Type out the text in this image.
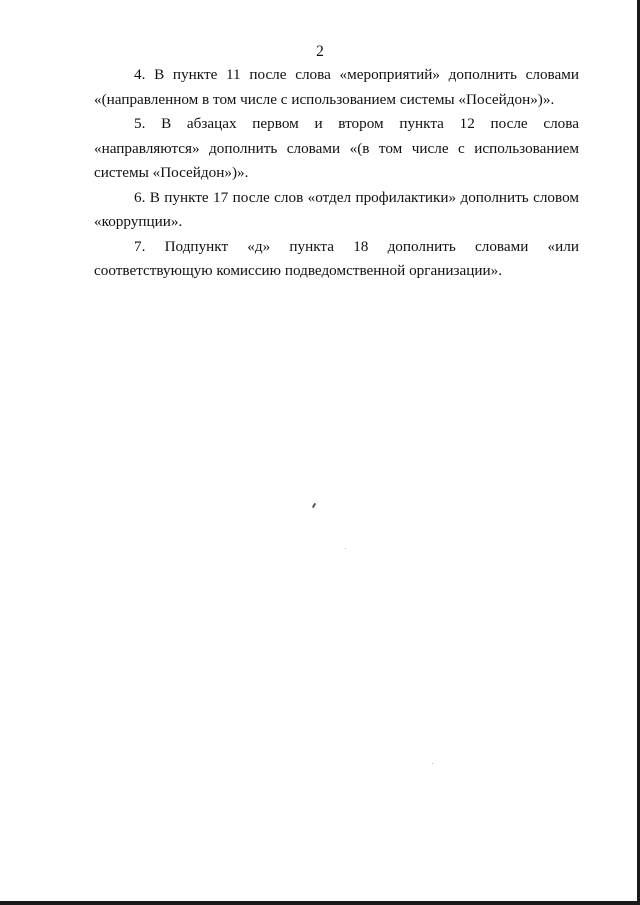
2

4. В пункте 11 после слова «мероприятий» дополнить словами «(направленном в том числе с использованием системы «Посейдон»)».

5. В абзацах первом и втором пункта 12 после слова «направляются» дополнить словами «(в том числе с использованием системы «Посейдон»)».

6. В пункте 17 после слов «отдел профилактики» дополнить словом «коррупции».

7. Подпункт «д» пункта 18 дополнить словами «или соответствующую комиссию подведомственной организации».
